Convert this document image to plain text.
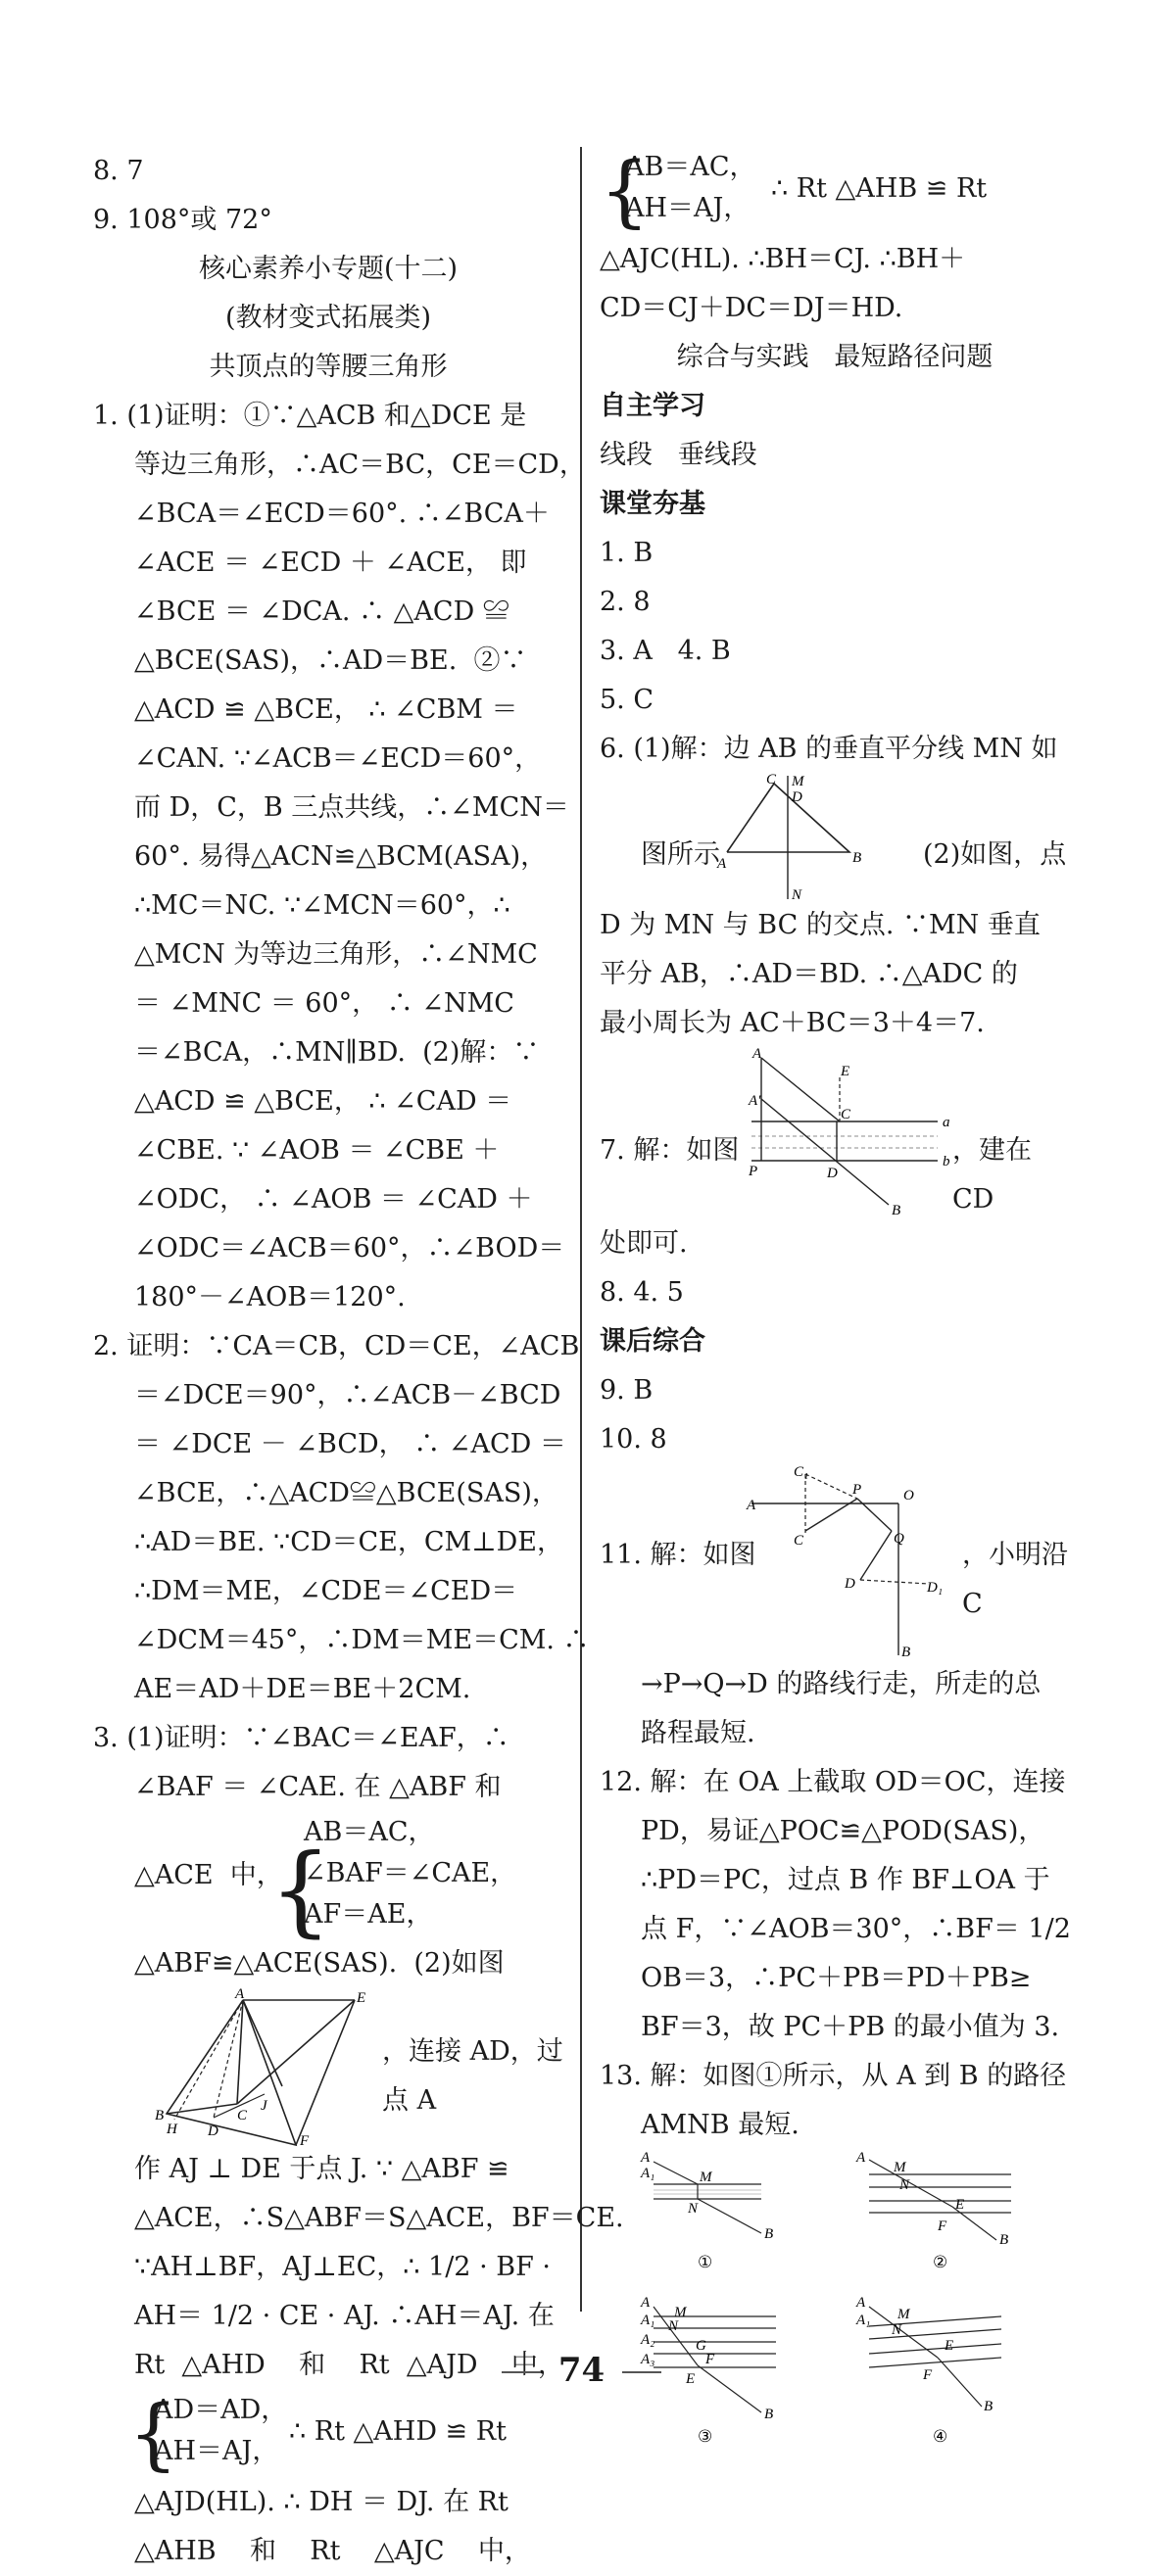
8. 7
9. 108°或 72°
核心素养小专题(十二)
(教材变式拓展类)
共顶点的等腰三角形
1. (1)证明：①∵△ACB 和△DCE 是
等边三角形，∴AC＝BC，CE＝CD，
∠BCA＝∠ECD＝60°. ∴∠BCA＋
∠ACE ＝ ∠ECD ＋ ∠ACE， 即
∠BCE ＝ ∠DCA. ∴ △ACD ≌
△BCE(SAS)，∴AD＝BE.  ②∵
△ACD ≌ △BCE， ∴ ∠CBM ＝
∠CAN. ∵∠ACB＝∠ECD＝60°，
而 D，C，B 三点共线，∴∠MCN＝
60°. 易得△ACN≌△BCM(ASA)，
∴MC＝NC. ∵∠MCN＝60°，∴
△MCN 为等边三角形，∴∠NMC
＝ ∠MNC ＝ 60°， ∴ ∠NMC
＝∠BCA，∴MN∥BD.  (2)解：∵
△ACD ≌ △BCE， ∴ ∠CAD ＝
∠CBE. ∵ ∠AOB ＝ ∠CBE ＋
∠ODC， ∴ ∠AOB ＝ ∠CAD ＋
∠ODC＝∠ACB＝60°，∴∠BOD＝
180°－∠AOB＝120°.
2. 证明：∵CA＝CB，CD＝CE，∠ACB
＝∠DCE＝90°，∴∠ACB－∠BCD
＝ ∠DCE － ∠BCD， ∴ ∠ACD ＝
∠BCE，∴△ACD≌△BCE(SAS)，
∴AD＝BE. ∵CD＝CE，CM⊥DE，
∴DM＝ME，∠CDE＝∠CED＝
∠DCM＝45°，∴DM＝ME＝CM. ∴
AE＝AD＋DE＝BE＋2CM.
3. (1)证明：∵∠BAC＝∠EAF，∴
∠BAF ＝ ∠CAE. 在 △ABF 和
△ACE  中，
{
AB＝AC，
∠BAF＝∠CAE，
AF＝AE，
△ABF≌△ACE(SAS).  (2)如图
A	E
B
H D
C
J
F
，连接 AD，过点 A
作 AJ ⊥ DE 于点 J. ∵ △ABF ≌
△ACE，∴S△ABF＝S△ACE，BF＝CE.
∵AH⊥BF，AJ⊥EC，∴ 1/2 · BF ·
AH＝ 1/2 · CE · AJ. ∴AH＝AJ. 在
Rt  △AHD    和    Rt  △AJD    中，
{
AD＝AD，
AH＝AJ，
∴ Rt △AHD ≌ Rt
△AJD(HL). ∴ DH ＝ DJ. 在 Rt
△AHB    和    Rt    △AJC    中，
{
AB＝AC，
AH＝AJ，
∴ Rt △AHB ≌ Rt
△AJC(HL). ∴BH＝CJ. ∴BH＋
CD＝CJ＋DC＝DJ＝HD.
综合与实践   最短路径问题
自主学习
线段   垂线段
课堂夯基
1. B
2. 8
3. A   4. B
5. C
6. (1)解：边 AB 的垂直平分线 MN 如
图所示
C M
D
A	B
N
(2)如图，点
D 为 MN 与 BC 的交点. ∵MN 垂直
平分 AB，∴AD＝BD. ∴△ADC 的
最小周长为 AC＋BC＝3＋4＝7.
7. 解：如图
A
A'
E
C	a
b
P	D
B
，建在 CD
处即可.
8. 4. 5
课后综合
9. B
10. 8
11. 解：如图
C₁
A
P	O
Q
C
D	D₁
B
，小明沿 C
→P→Q→D 的路线行走，所走的总
路程最短.
12. 解：在 OA 上截取 OD＝OC，连接
PD，易证△POC≌△POD(SAS)，
∴PD＝PC，过点 B 作 BF⊥OA 于
点 F，∵∠AOB＝30°，∴BF＝ 1/2
OB＝3，∴PC＋PB＝PD＋PB≥
BF＝3，故 PC＋PB 的最小值为 3.
13. 解：如图①所示，从 A 到 B 的路径
AMNB 最短.
A
A₁	M
N
B
①
A
M
N
E
F
B
②
A
A₁
A₂
A₃
M
N
G
F
E
B
③
A
A₁ M
N
E
F
B
④
74
